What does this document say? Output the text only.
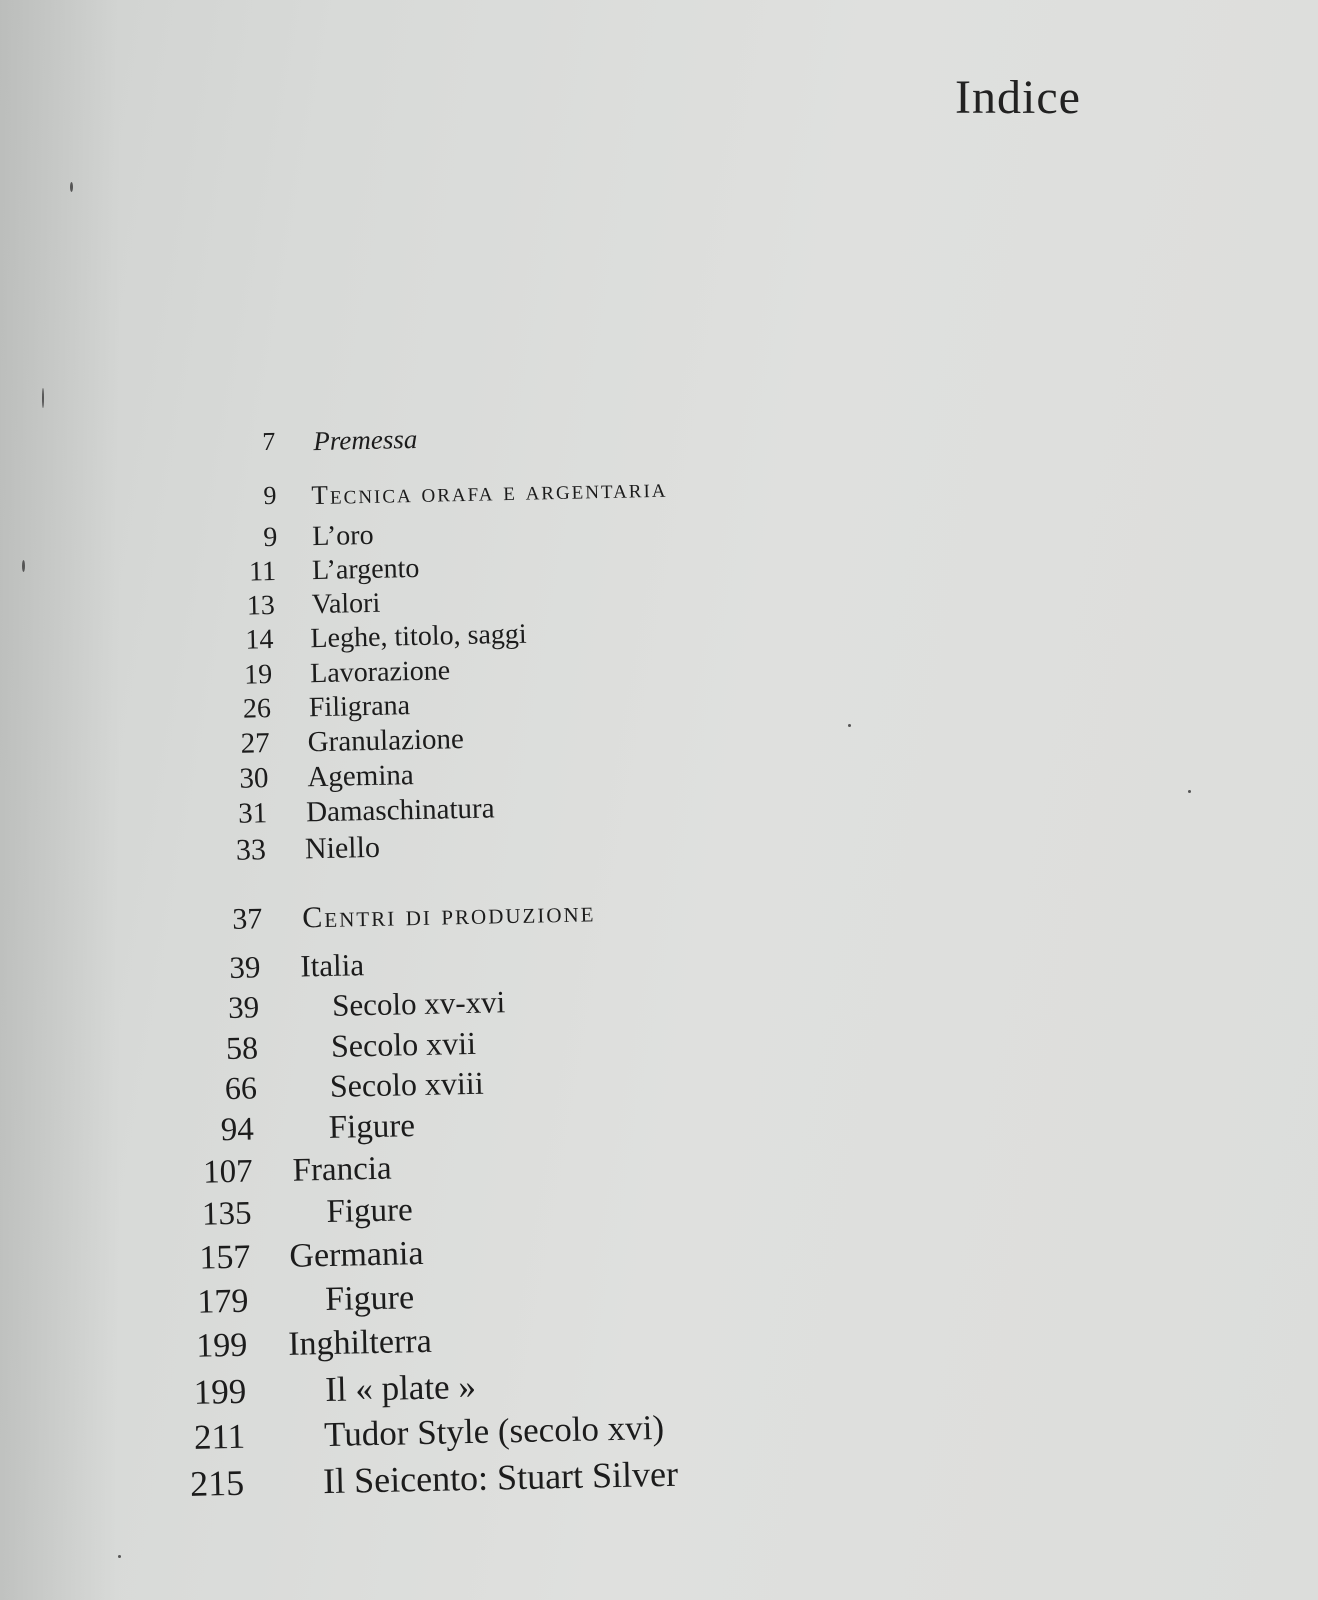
Indice
7 Premessa
9 Tecnica orafa e argentaria
9 L’oro
11 L’argento
13 Valori
14 Leghe, titolo, saggi
19 Lavorazione
26 Filigrana
27 Granulazione
30 Agemina
31 Damaschinatura
33 Niello
37 Centri di produzione
39 Italia
39 Secolo xv-xvi
58 Secolo xvii
66 Secolo xviii
94 Figure
107 Francia
135 Figure
157 Germania
179 Figure
199 Inghilterra
199 Il « plate »
211 Tudor Style (secolo xvi)
215 Il Seicento: Stuart Silver
